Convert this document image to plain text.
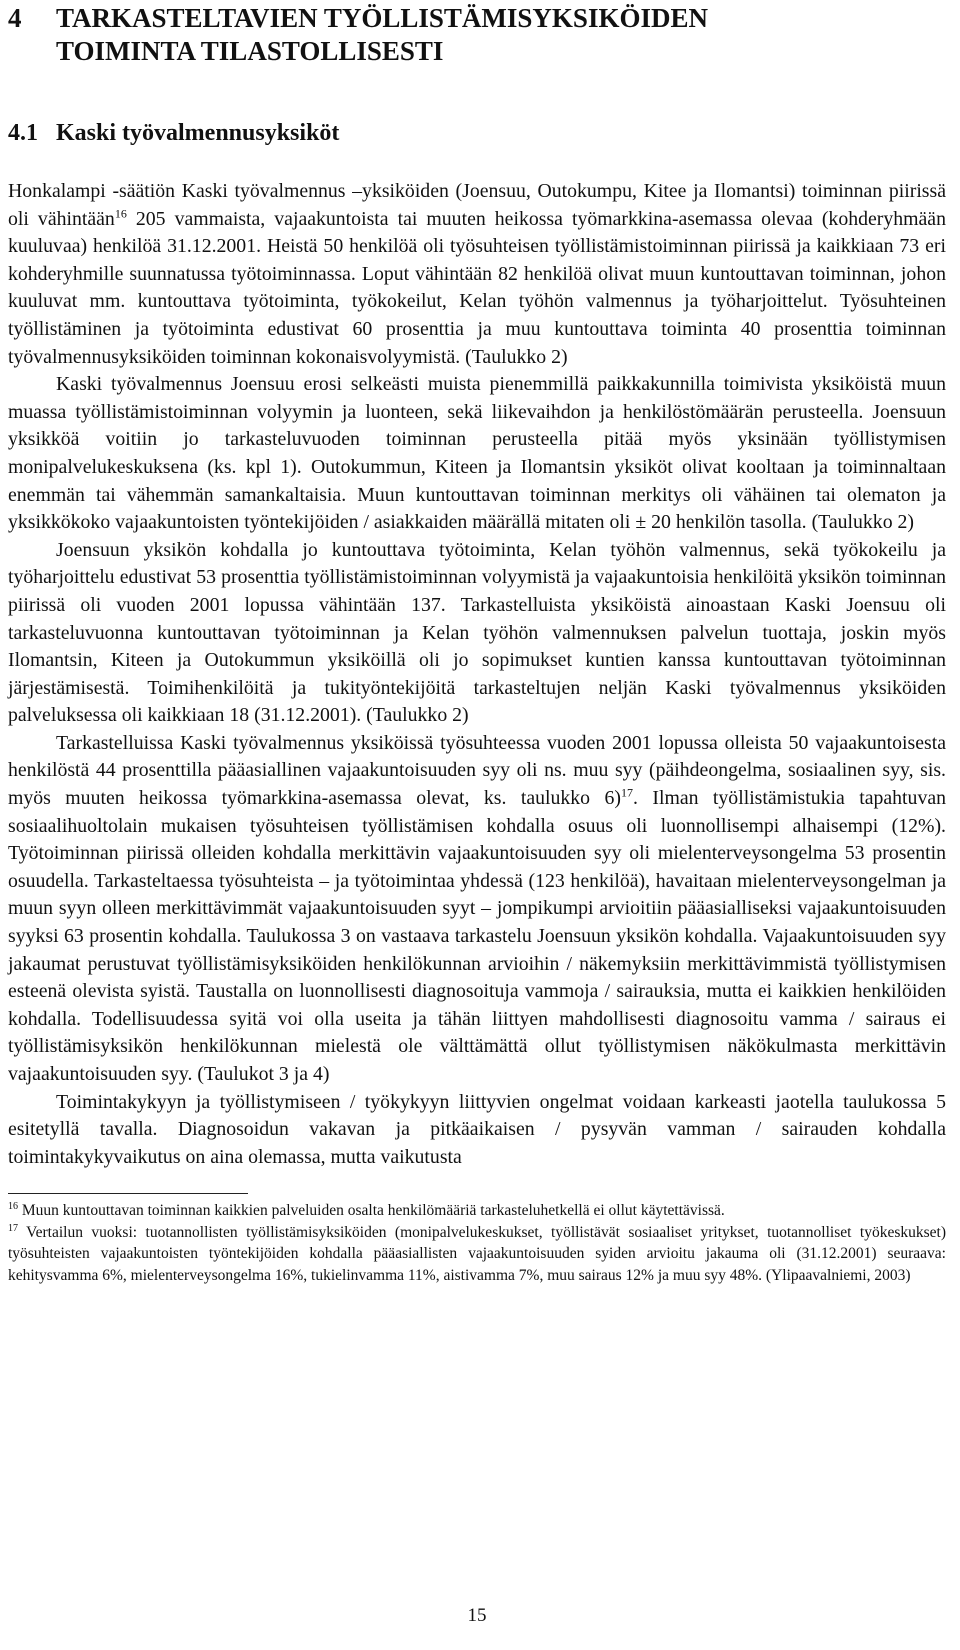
4	TARKASTELTAVIEN TYÖLLISTÄMISYKSIKÖIDEN
TOIMINTA TILASTOLLISESTI
4.1 Kaski työvalmennusyksiköt

Honkalampi -säätiön Kaski työvalmennus –yksiköiden (Joensuu, Outokumpu, Kitee ja Ilomantsi) toiminnan piirissä oli vähintään$^{16}$ 205 vammaista, vajaakuntoista tai muuten heikossa työmarkkina-asemassa olevaa (kohderyhmään kuuluvaa) henkilöä 31.12.2001. Heistä 50 henkilöä oli työsuhteisen työllistämistoiminnan piirissä ja kaikkiaan 73 eri kohderyhmille suunnatussa työtoiminnassa. Loput vähintään 82 henkilöä olivat muun kuntouttavan toiminnan, johon kuuluvat mm. kuntouttava työtoiminta, työkokeilut, Kelan työhön valmennus ja työharjoittelut. Työsuhteinen työllistäminen ja työtoiminta edustivat 60 prosenttia ja muu kuntouttava toiminta 40 prosenttia toiminnan työvalmennusyksiköiden toiminnan kokonaisvolyymistä. (Taulukko 2)

Kaski työvalmennus Joensuu erosi selkeästi muista pienemmillä paikkakunnilla toimivista yksiköistä muun muassa työllistämistoiminnan volyymin ja luonteen, sekä liikevaihdon ja henkilöstömäärän perusteella. Joensuun yksikköä voitiin jo tarkasteluvuoden toiminnan perusteella pitää myös yksinään työllistymisen monipalvelukeskuksena (ks. kpl 1). Outokummun, Kiteen ja Ilomantsin yksiköt olivat kooltaan ja toiminnaltaan enemmän tai vähemmän samankaltaisia. Muun kuntouttavan toiminnan merkitys oli vähäinen tai olematon ja yksikkökoko vajaakuntoisten työntekijöiden / asiakkaiden määrällä mitaten oli ± 20 henkilön tasolla. (Taulukko 2)

Joensuun yksikön kohdalla jo kuntouttava työtoiminta, Kelan työhön valmennus, sekä työkokeilu ja työharjoittelu edustivat 53 prosenttia työllistämistoiminnan volyymistä ja vajaakuntoisia henkilöitä yksikön toiminnan piirissä oli vuoden 2001 lopussa vähintään 137. Tarkastelluista yksiköistä ainoastaan Kaski Joensuu oli tarkasteluvuonna kuntouttavan työtoiminnan ja Kelan työhön valmennuksen palvelun tuottaja, joskin myös Ilomantsin, Kiteen ja Outokummun yksiköillä oli jo sopimukset kuntien kanssa kuntouttavan työtoiminnan järjestämisestä. Toimihenkilöitä ja tukityöntekijöitä tarkasteltujen neljän Kaski työvalmennus yksiköiden palveluksessa oli kaikkiaan 18 (31.12.2001). (Taulukko 2)

Tarkastelluissa Kaski työvalmennus yksiköissä työsuhteessa vuoden 2001 lopussa olleista 50 vajaakuntoisesta henkilöstä 44 prosenttilla pääasiallinen vajaakuntoisuuden syy oli ns. muu syy (päihdeongelma, sosiaalinen syy, sis. myös muuten heikossa työmarkkina-asemassa olevat, ks. taulukko 6)$^{17}$. Ilman työllistämistukia tapahtuvan sosiaalihuoltolain mukaisen työsuhteisen työllistämisen kohdalla osuus oli luonnollisempi alhaisempi (12%). Työtoiminnan piirissä olleiden kohdalla merkittävin vajaakuntoisuuden syy oli mielenterveysongelma 53 prosentin osuudella. Tarkasteltaessa työsuhteista – ja työtoimintaa yhdessä (123 henkilöä), havaitaan mielenterveysongelman ja muun syyn olleen merkittävimmät vajaakuntoisuuden syyt – jompikumpi arvioitiin pääasialliseksi vajaakuntoisuuden syyksi 63 prosentin kohdalla. Taulukossa 3 on vastaava tarkastelu Joensuun yksikön kohdalla. Vajaakuntoisuuden syy jakaumat perustuvat työllistämisyksiköiden henkilökunnan arvioihin / näkemyksiin merkittävimmistä työllistymisen esteenä olevista syistä. Taustalla on luonnollisesti diagnosoituja vammoja / sairauksia, mutta ei kaikkien henkilöiden kohdalla. Todellisuudessa syitä voi olla useita ja tähän liittyen mahdollisesti diagnosoitu vamma / sairaus ei työllistämisyksikön henkilökunnan mielestä ole välttämättä ollut työllistymisen näkökulmasta merkittävin vajaakuntoisuuden syy. (Taulukot 3 ja 4)

Toimintakykyyn ja työllistymiseen / työkykyyn liittyvien ongelmat voidaan karkeasti jaotella taulukossa 5 esitetyllä tavalla. Diagnosoidun vakavan ja pitkäaikaisen / pysyvän vamman / sairauden kohdalla toimintakykyvaikutus on aina olemassa, mutta vaikutusta

$^{16}$ Muun kuntouttavan toiminnan kaikkien palveluiden osalta henkilömääriä tarkasteluhetkellä ei ollut käytettävissä.

$^{17}$ Vertailun vuoksi: tuotannollisten työllistämisyksiköiden (monipalvelukeskukset, työllistävät sosiaaliset yritykset, tuotannolliset työkeskukset) työsuhteisten vajaakuntoisten työntekijöiden kohdalla pääasiallisten vajaakuntoisuuden syiden arvioitu jakauma oli (31.12.2001) seuraava: kehitysvamma 6%, mielenterveysongelma 16%, tukielinvamma 11%, aistivamma 7%, muu sairaus 12% ja muu syy 48%. (Ylipaavalniemi, 2003)

15
